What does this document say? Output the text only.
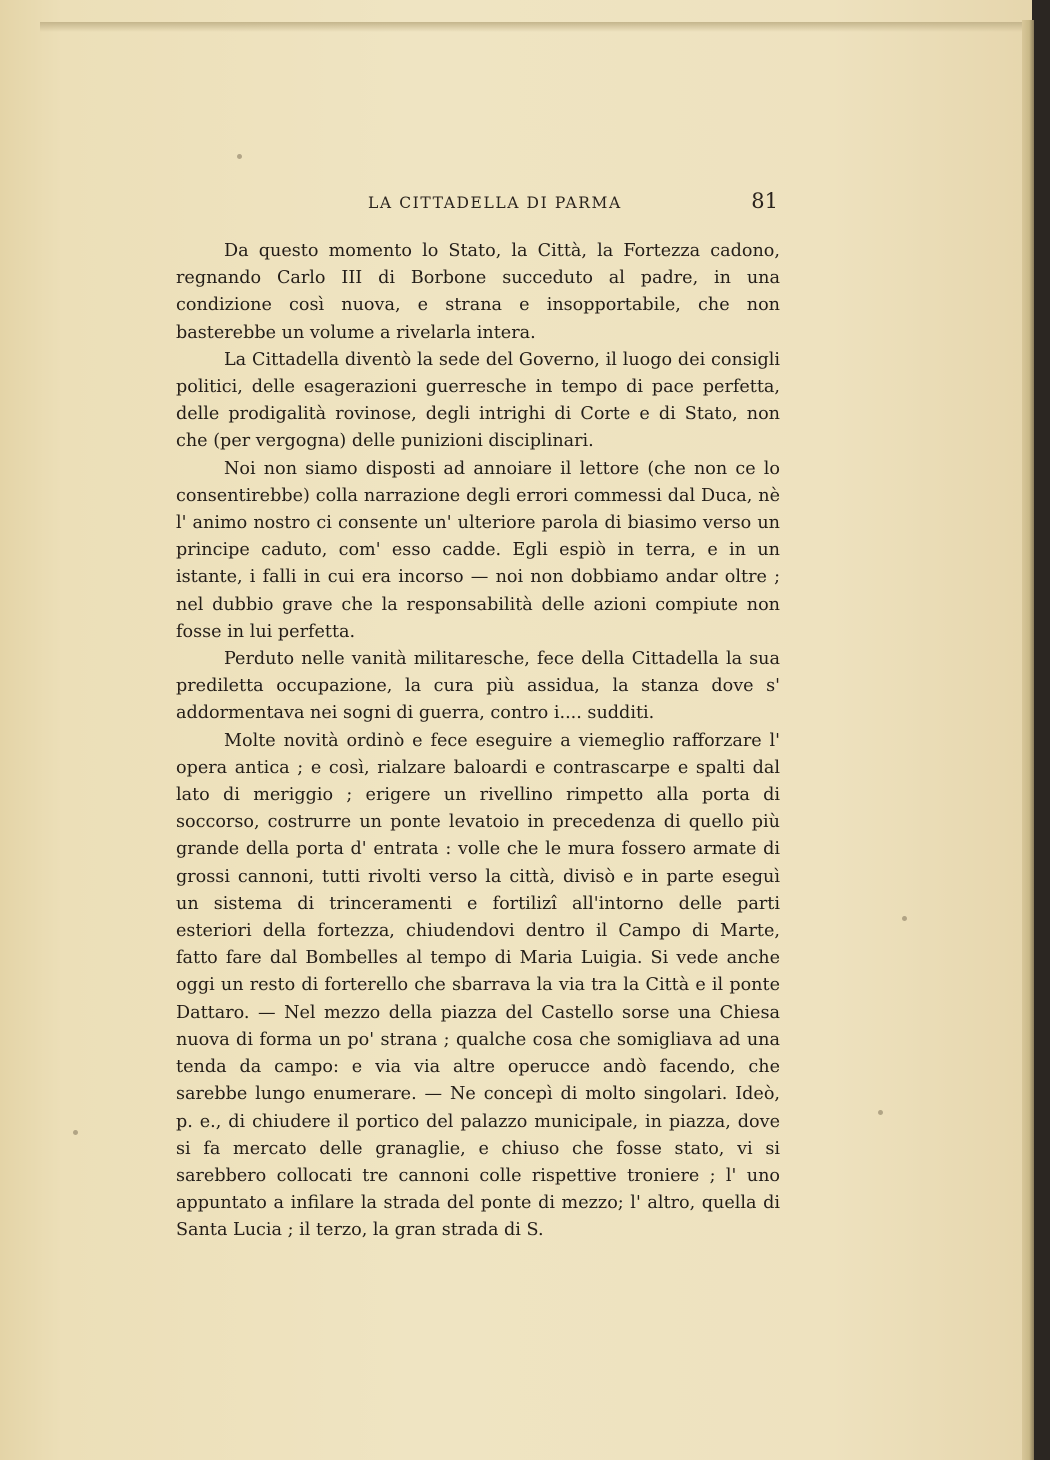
LA CITTADELLA DI PARMA	81

Da questo momento lo Stato, la Città, la Fortezza cadono, regnando Carlo III di Borbone succeduto al padre, in una condizione così nuova, e strana e insopportabile, che non basterebbe un volume a rivelarla intera.

La Cittadella diventò la sede del Governo, il luogo dei consigli politici, delle esagerazioni guerresche in tempo di pace perfetta, delle prodigalità rovinose, degli intrighi di Corte e di Stato, non che (per vergogna) delle punizioni disciplinari.

Noi non siamo disposti ad annoiare il lettore (che non ce lo consentirebbe) colla narrazione degli errori commessi dal Duca, nè l' animo nostro ci consente un' ulteriore parola di biasimo verso un principe caduto, com' esso cadde. Egli espiò in terra, e in un istante, i falli in cui era incorso — noi non dobbiamo andar oltre ; nel dubbio grave che la responsabilità delle azioni compiute non fosse in lui perfetta.

Perduto nelle vanità militaresche, fece della Cittadella la sua prediletta occupazione, la cura più assidua, la stanza dove s' addormentava nei sogni di guerra, contro i.... sudditi.

Molte novità ordinò e fece eseguire a viemeglio rafforzare l' opera antica ; e così, rialzare baloardi e contrascarpe e spalti dal lato di meriggio ; erigere un rivellino rimpetto alla porta di soccorso, costrurre un ponte levatoio in precedenza di quello più grande della porta d' entrata : volle che le mura fossero armate di grossi cannoni, tutti rivolti verso la città, divisò e in parte eseguì un sistema di trinceramenti e fortilizî all'intorno delle parti esteriori della fortezza, chiudendovi dentro il Campo di Marte, fatto fare dal Bombelles al tempo di Maria Luigia. Si vede anche oggi un resto di forterello che sbarrava la via tra la Città e il ponte Dattaro. — Nel mezzo della piazza del Castello sorse una Chiesa nuova di forma un po' strana ; qualche cosa che somigliava ad una tenda da campo: e via via altre operucce andò facendo, che sarebbe lungo enumerare. — Ne concepì di molto singolari. Ideò, p. e., di chiudere il portico del palazzo municipale, in piazza, dove si fa mercato delle granaglie, e chiuso che fosse stato, vi si sarebbero collocati tre cannoni colle rispettive troniere ; l' uno appuntato a infilare la strada del ponte di mezzo; l' altro, quella di Santa Lucia ; il terzo, la gran strada di S.
